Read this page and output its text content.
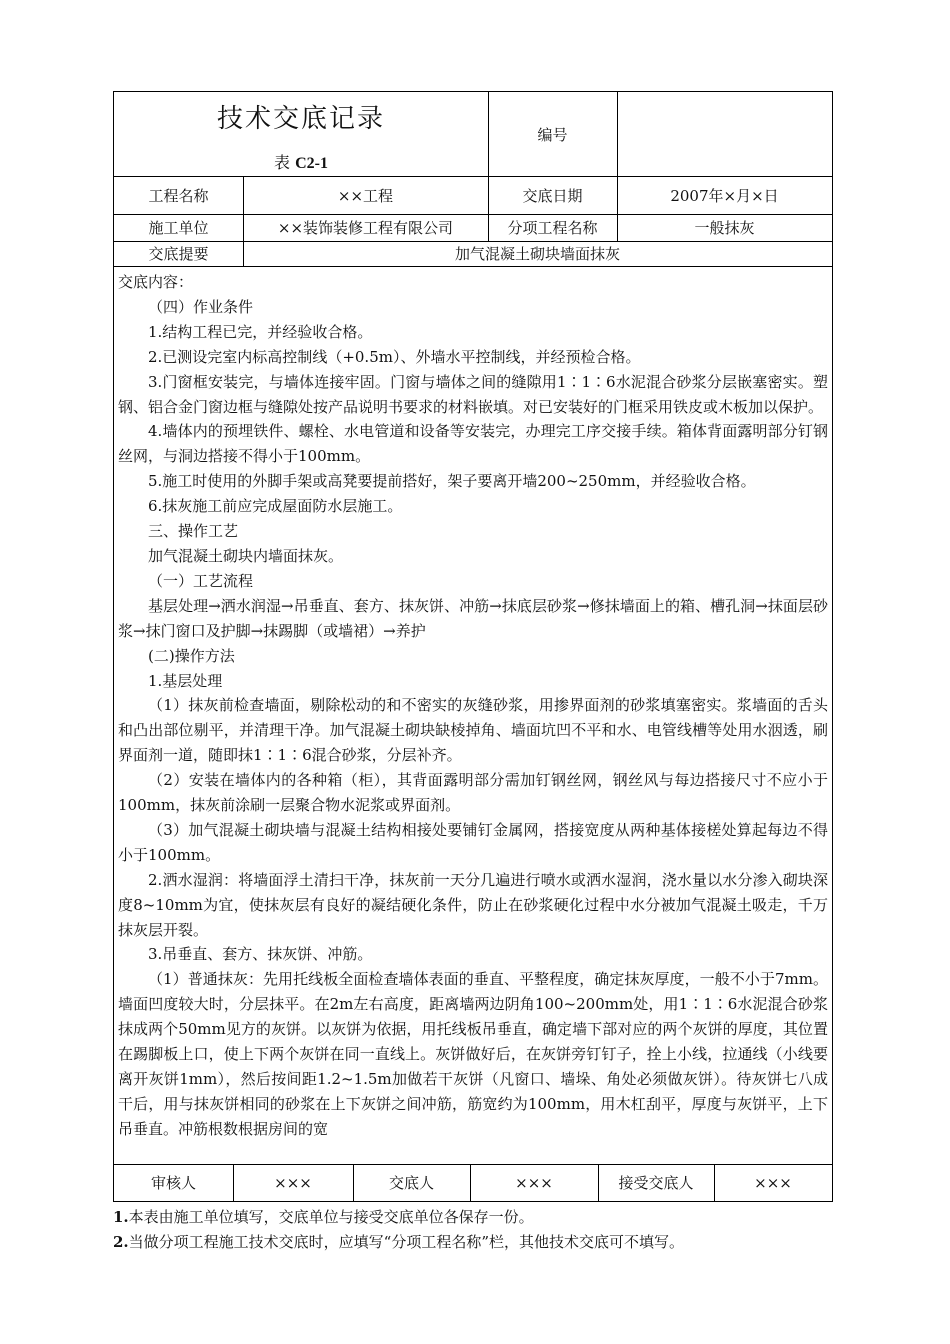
技术交底记录
表 C2-1
编号
工程名称	××工程	交底日期	2007年×月×日
施工单位	××装饰装修工程有限公司	分项工程名称	一般抹灰
交底提要	加气混凝土砌块墙面抹灰

交底内容：

（四）作业条件

1.结构工程已完，并经验收合格。

2.已测设完室内标高控制线（+0.5m）、外墙水平控制线，并经预检合格。

3.门窗框安装完，与墙体连接牢固。门窗与墙体之间的缝隙用1∶1∶6水泥混合砂浆分层嵌塞密实。塑钢、铝合金门窗边框与缝隙处按产品说明书要求的材料嵌填。对已安装好的门框采用铁皮或木板加以保护。

4.墙体内的预埋铁件、螺栓、水电管道和设备等安装完，办理完工序交接手续。箱体背面露明部分钉钢丝网，与洞边搭接不得小于100mm。

5.施工时使用的外脚手架或高凳要提前搭好，架子要离开墙200~250mm，并经验收合格。

6.抹灰施工前应完成屋面防水层施工。

三、操作工艺

加气混凝土砌块内墙面抹灰。

（一）工艺流程

基层处理→洒水润湿→吊垂直、套方、抹灰饼、冲筋→抹底层砂浆→修抹墙面上的箱、槽孔洞→抹面层砂浆→抹门窗口及护脚→抹踢脚（或墙裙）→养护

(二)操作方法

1.基层处理

（1）抹灰前检查墙面，剔除松动的和不密实的灰缝砂浆，用掺界面剂的砂浆填塞密实。浆墙面的舌头和凸出部位剔平，并清理干净。加气混凝土砌块缺棱掉角、墙面坑凹不平和水、电管线槽等处用水洇透，刷界面剂一道，随即抹1∶1∶6混合砂浆，分层补齐。

（2）安装在墙体内的各种箱（柜），其背面露明部分需加钉钢丝网，钢丝风与每边搭接尺寸不应小于100mm，抹灰前涂刷一层聚合物水泥浆或界面剂。

（3）加气混凝土砌块墙与混凝土结构相接处要铺钉金属网，搭接宽度从两种基体接槎处算起每边不得小于100mm。

2.洒水湿润：将墙面浮土清扫干净，抹灰前一天分几遍进行喷水或洒水湿润，浇水量以水分渗入砌块深度8~10mm为宜，使抹灰层有良好的凝结硬化条件，防止在砂浆硬化过程中水分被加气混凝土吸走，千万抹灰层开裂。

3.吊垂直、套方、抹灰饼、冲筋。

（1）普通抹灰：先用托线板全面检查墙体表面的垂直、平整程度，确定抹灰厚度，一般不小于7mm。墙面凹度较大时，分层抹平。在2m左右高度，距离墙两边阴角100~200mm处，用1∶1∶6水泥混合砂浆抹成两个50mm见方的灰饼。以灰饼为依据，用托线板吊垂直，确定墙下部对应的两个灰饼的厚度，其位置在踢脚板上口，使上下两个灰饼在同一直线上。灰饼做好后，在灰饼旁钉钉子，拴上小线，拉通线（小线要离开灰饼1mm），然后按间距1.2~1.5m加做若干灰饼（凡窗口、墙垛、角处必须做灰饼）。待灰饼七八成干后，用与抹灰饼相同的砂浆在上下灰饼之间冲筋，筋宽约为100mm，用木杠刮平，厚度与灰饼平，上下吊垂直。冲筋根数根据房间的宽

审核人	×××	交底人	×××	接受交底人	×××
1.本表由施工单位填写，交底单位与接受交底单位各保存一份。
2.当做分项工程施工技术交底时，应填写“分项工程名称”栏，其他技术交底可不填写。
